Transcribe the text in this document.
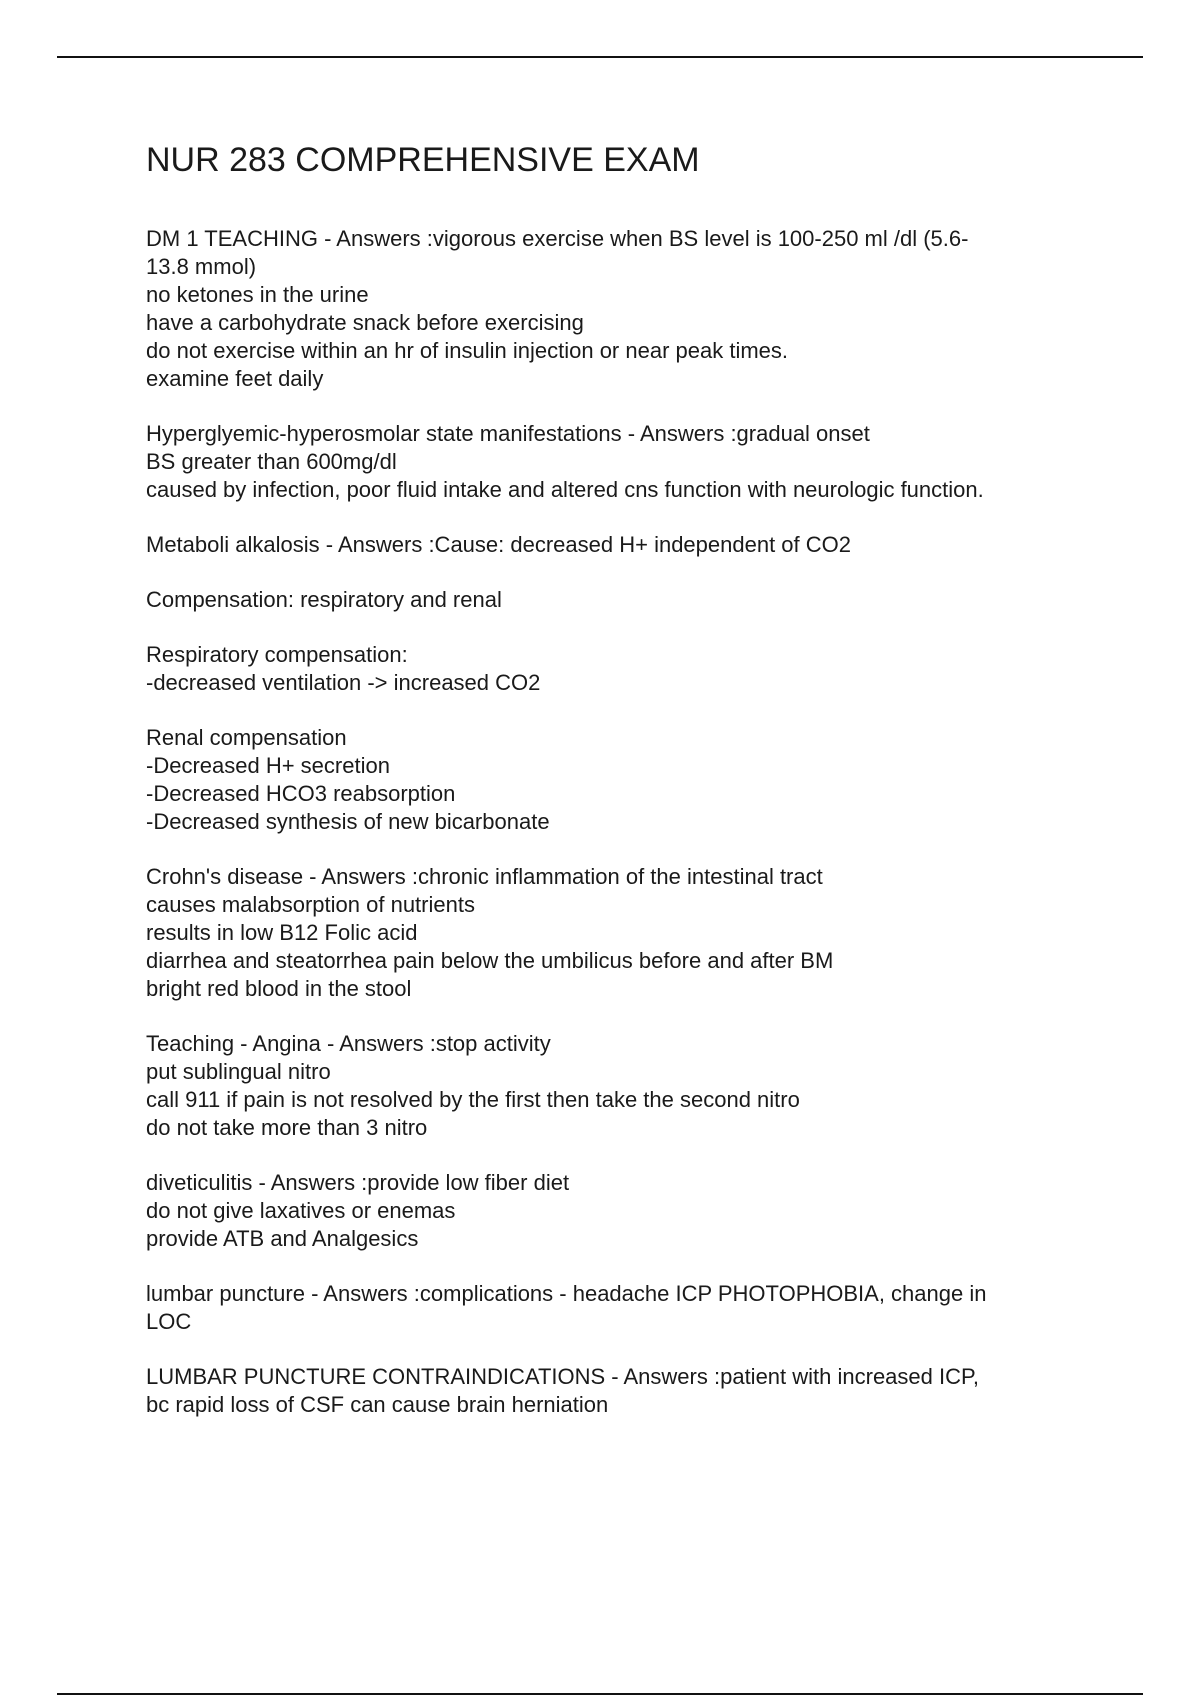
NUR 283 COMPREHENSIVE EXAM
DM 1 TEACHING - Answers :vigorous exercise when BS level is 100-250 ml /dl (5.6-
13.8 mmol)
no ketones in the urine
have a carbohydrate snack before exercising
do not exercise within an hr of insulin injection or near peak times.
examine feet daily
Hyperglyemic-hyperosmolar state manifestations - Answers :gradual onset
BS greater than 600mg/dl
caused by infection, poor fluid intake and altered cns function with neurologic function.
Metaboli alkalosis - Answers :Cause: decreased H+ independent of CO2
Compensation: respiratory and renal
Respiratory compensation:
-decreased ventilation -> increased CO2
Renal compensation
-Decreased H+ secretion
-Decreased HCO3 reabsorption
-Decreased synthesis of new bicarbonate
Crohn's disease - Answers :chronic inflammation of the intestinal tract
causes malabsorption of nutrients
results in low B12 Folic acid
diarrhea and steatorrhea pain below the umbilicus before and after BM
bright red blood in the stool
Teaching - Angina - Answers :stop activity
put sublingual nitro
call 911 if pain is not resolved by the first then take the second nitro
do not take more than 3 nitro
diveticulitis - Answers :provide low fiber diet
do not give laxatives or enemas
provide ATB and Analgesics
lumbar puncture - Answers :complications - headache ICP PHOTOPHOBIA, change in
LOC
LUMBAR PUNCTURE CONTRAINDICATIONS - Answers :patient with increased ICP,
bc rapid loss of CSF can cause brain herniation
